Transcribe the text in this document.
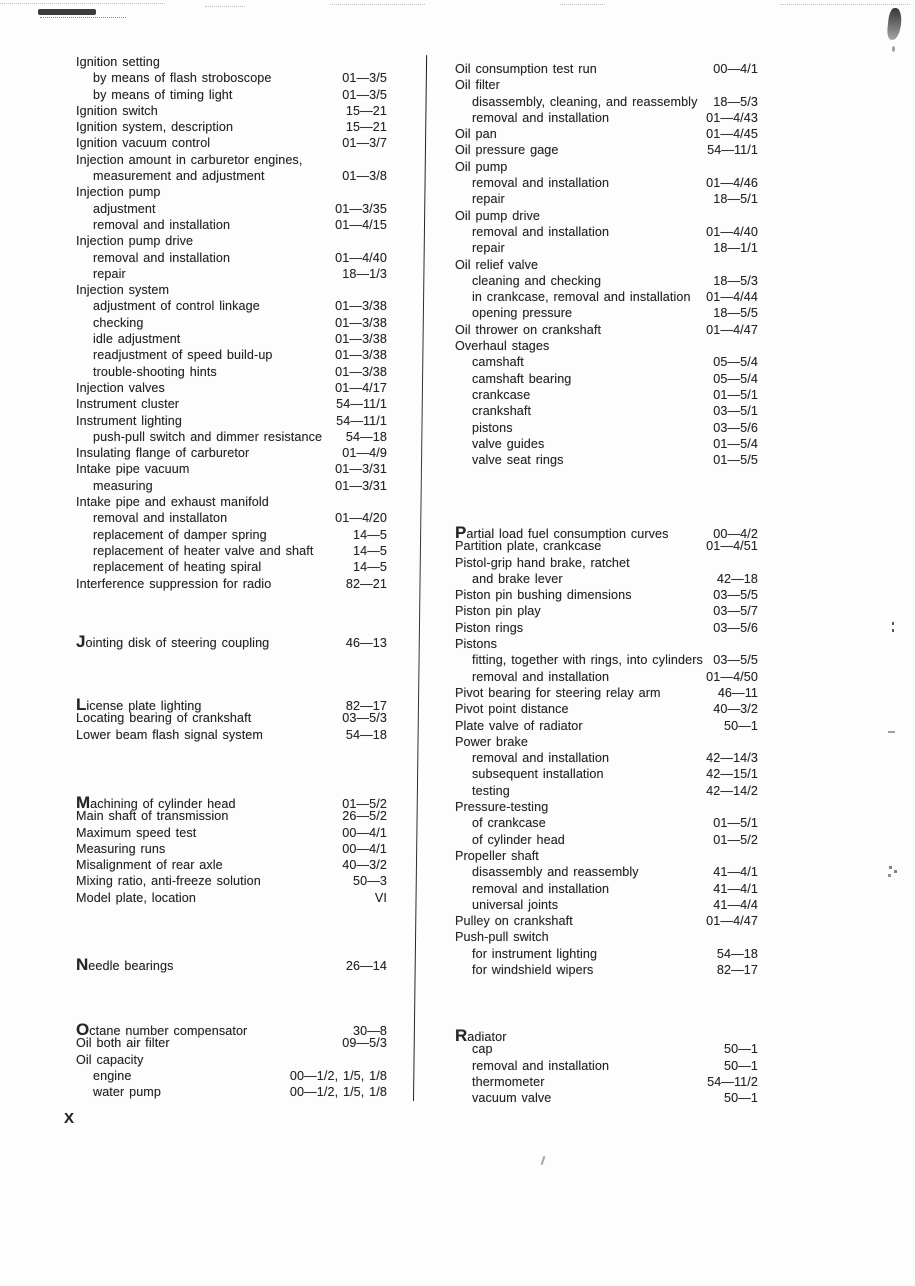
Ignition setting
by means of flash stroboscope	01—3/5
by means of timing light	01—3/5
Ignition switch	15—21
Ignition system, description	15—21
Ignition vacuum control	01—3/7
Injection amount in carburetor engines,
measurement and adjustment	01—3/8
Injection pump
adjustment	01—3/35
removal and installation	01—4/15
Injection pump drive
removal and installation	01—4/40
repair	18—1/3
Injection system
adjustment of control linkage	01—3/38
checking	01—3/38
idle adjustment	01—3/38
readjustment of speed build-up	01—3/38
trouble-shooting hints	01—3/38
Injection valves	01—4/17
Instrument cluster	54—11/1
Instrument lighting	54—11/1
push-pull switch and dimmer resistance	54—18
Insulating flange of carburetor	01—4/9
Intake pipe vacuum	01—3/31
measuring	01—3/31
Intake pipe and exhaust manifold
removal and installaton	01—4/20
replacement of damper spring	14—5
replacement of heater valve and shaft	14—5
replacement of heating spiral	14—5
Interference suppression for radio	82—21
Jointing disk of steering coupling	46—13
License plate lighting	82—17
Locating bearing of crankshaft	03—5/3
Lower beam flash signal system	54—18
Machining of cylinder head	01—5/2
Main shaft of transmission	26—5/2
Maximum speed test	00—4/1
Measuring runs	00—4/1
Misalignment of rear axle	40—3/2
Mixing ratio, anti-freeze solution	50—3
Model plate, location	VI
Needle bearings	26—14
Octane number compensator	30—8
Oil both air filter	09—5/3
Oil capacity
engine	00—1/2, 1/5, 1/8
water pump	00—1/2, 1/5, 1/8
Oil consumption test run	00—4/1
Oil filter
disassembly, cleaning, and reassembly	18—5/3
removal and installation	01—4/43
Oil pan	01—4/45
Oil pressure gage	54—11/1
Oil pump
removal and installation	01—4/46
repair	18—5/1
Oil pump drive
removal and installation	01—4/40
repair	18—1/1
Oil relief valve
cleaning and checking	18—5/3
in crankcase, removal and installation	01—4/44
opening pressure	18—5/5
Oil thrower on crankshaft	01—4/47
Overhaul stages
camshaft	05—5/4
camshaft bearing	05—5/4
crankcase	01—5/1
crankshaft	03—5/1
pistons	03—5/6
valve guides	01—5/4
valve seat rings	01—5/5
Partial load fuel consumption curves	00—4/2
Partition plate, crankcase	01—4/51
Pistol-grip hand brake, ratchet
and brake lever	42—18
Piston pin bushing dimensions	03—5/5
Piston pin play	03—5/7
Piston rings	03—5/6
Pistons
fitting, together with rings, into cylinders 03—5/5
removal and installation	01—4/50
Pivot bearing for steering relay arm	46—11
Pivot point distance	40—3/2
Plate valve of radiator	50—1
Power brake
removal and installation	42—14/3
subsequent installation	42—15/1
testing	42—14/2
Pressure-testing
of crankcase	01—5/1
of cylinder head	01—5/2
Propeller shaft
disassembly and reassembly	41—4/1
removal and installation	41—4/1
universal joints	41—4/4
Pulley on crankshaft	01—4/47
Push-pull switch
for instrument lighting	54—18
for windshield wipers	82—17
Radiator
cap	50—1
removal and installation	50—1
thermometer	54—11/2
vacuum valve	50—1
X
